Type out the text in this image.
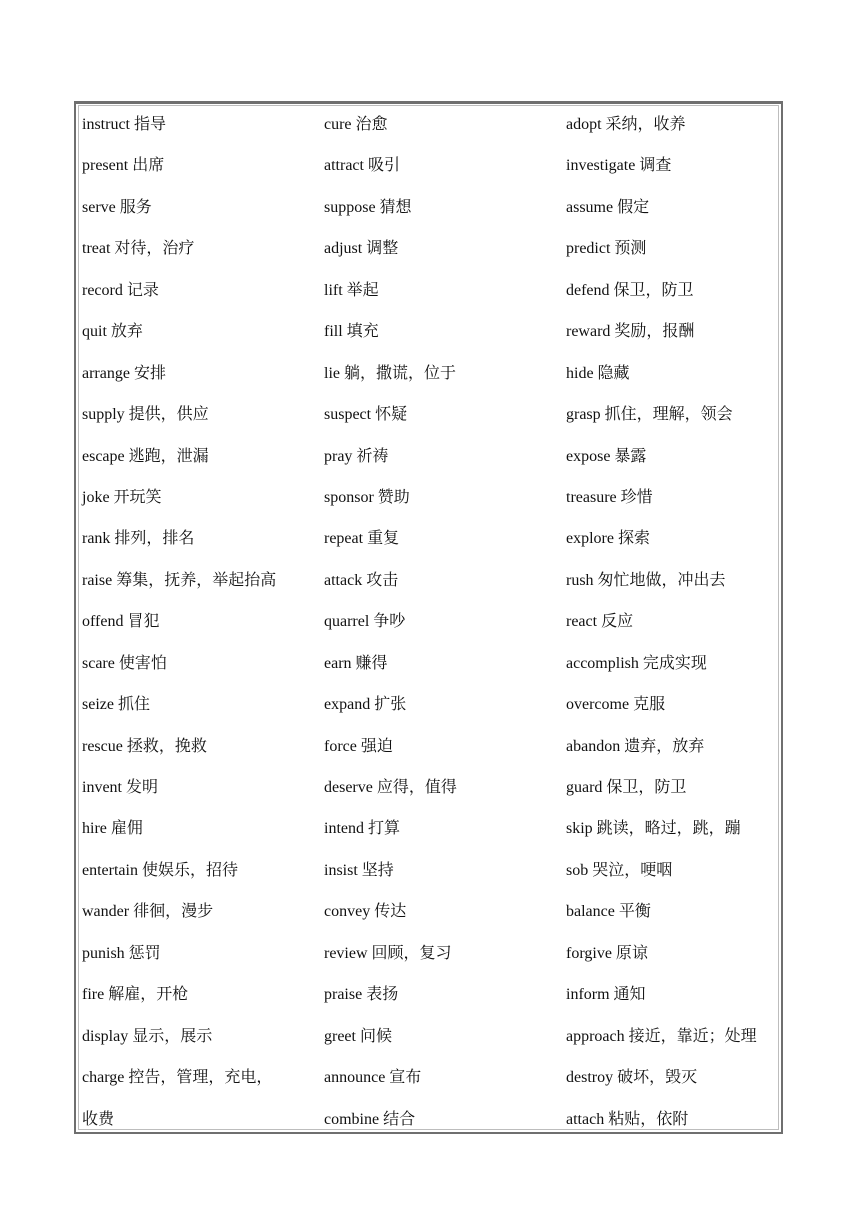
instruct 指导	cure 治愈	adopt 采纳，收养
present 出席	attract 吸引	investigate 调查
serve 服务	suppose 猜想	assume 假定
treat 对待，治疗	adjust 调整	predict 预测
record 记录	lift 举起	defend 保卫，防卫
quit 放弃	fill 填充	reward 奖励，报酬
arrange 安排	lie 躺，撒谎，位于	hide 隐藏
supply 提供，供应	suspect 怀疑	grasp 抓住，理解，领会
escape 逃跑，泄漏	pray 祈祷	expose 暴露
joke 开玩笑	sponsor 赞助	treasure 珍惜
rank 排列，排名	repeat 重复	explore 探索
raise 筹集，抚养，举起抬高	attack 攻击	rush 匆忙地做，冲出去
offend 冒犯	quarrel 争吵	react 反应
scare 使害怕	earn 赚得	accomplish 完成实现
seize 抓住	expand 扩张	overcome 克服
rescue 拯救，挽救	force 强迫	abandon 遗弃，放弃
invent 发明	deserve 应得，值得	guard 保卫，防卫
hire 雇佣	intend 打算	skip 跳读，略过，跳，蹦
entertain 使娱乐，招待	insist 坚持	sob 哭泣，哽咽
wander 徘徊，漫步	convey 传达	balance 平衡
punish 惩罚	review 回顾，复习	forgive 原谅
fire 解雇，开枪	praise 表扬	inform 通知
display 显示，展示	greet 问候	approach 接近，靠近；处理
charge 控告，管理，充电，	announce 宣布	destroy 破坏，毁灭
收费	combine 结合	attach 粘贴，依附
